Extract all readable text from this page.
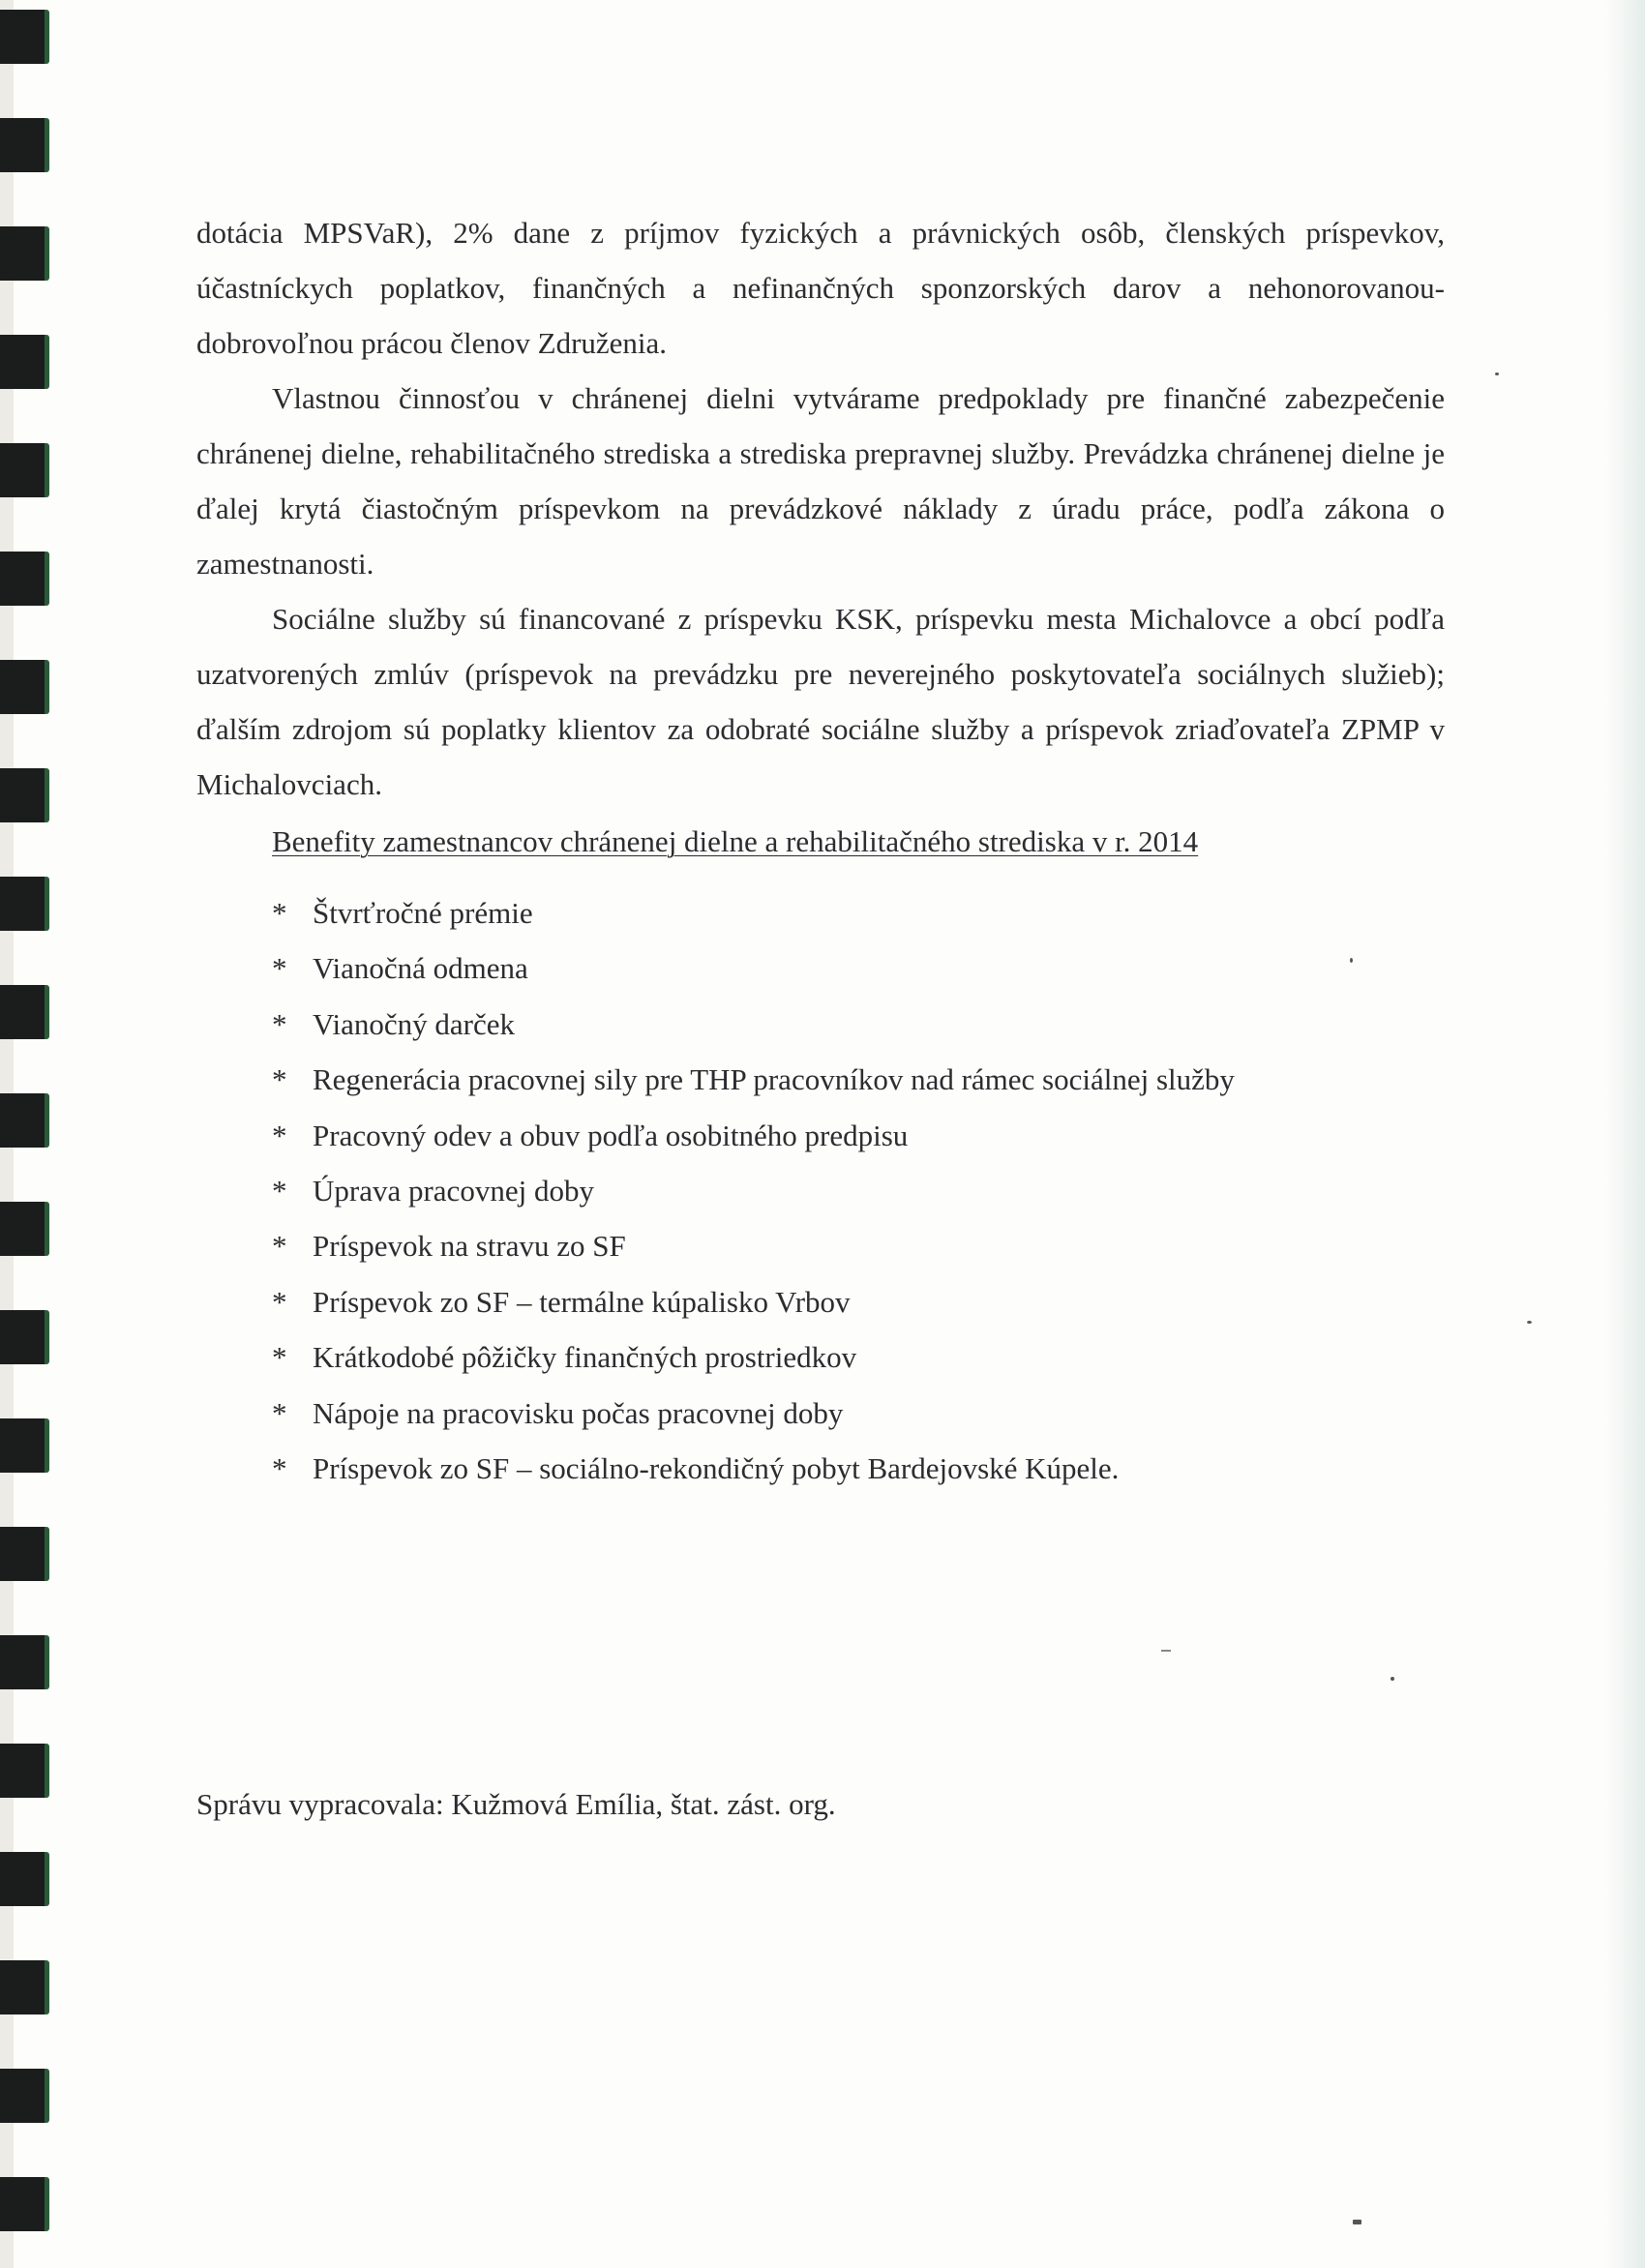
dotácia MPSVaR), 2% dane z príjmov fyzických a právnických osôb, členských príspevkov, účastníckych poplatkov, finančných a nefinančných sponzorských darov a nehonorovanou-dobrovoľnou prácou členov Združenia.

Vlastnou činnosťou v chránenej dielni vytvárame predpoklady pre finančné zabezpečenie chránenej dielne, rehabilitačného strediska a strediska prepravnej služby. Prevádzka chránenej dielne je ďalej krytá čiastočným príspevkom na prevádzkové náklady z úradu práce, podľa zákona o zamestnanosti.

Sociálne služby sú financované z príspevku KSK, príspevku mesta Michalovce a obcí podľa uzatvorených zmlúv (príspevok na prevádzku pre neverejného poskytovateľa sociálnych služieb); ďalším zdrojom sú poplatky klientov za odobraté sociálne služby a príspevok zriaďovateľa ZPMP v Michalovciach.

Benefity zamestnancov chránenej dielne a rehabilitačného strediska v r. 2014

* Štvrťročné prémie
* Vianočná odmena
* Vianočný darček
* Regenerácia pracovnej sily pre THP pracovníkov nad rámec sociálnej služby
* Pracovný odev a obuv podľa osobitného predpisu
* Úprava pracovnej doby
* Príspevok na stravu zo SF
* Príspevok zo SF – termálne kúpalisko Vrbov
* Krátkodobé pôžičky finančných prostriedkov
* Nápoje na pracovisku počas pracovnej doby
* Príspevok zo SF – sociálno-rekondičný pobyt Bardejovské Kúpele.

Správu vypracovala: Kužmová Emília, štat. zást. org.
